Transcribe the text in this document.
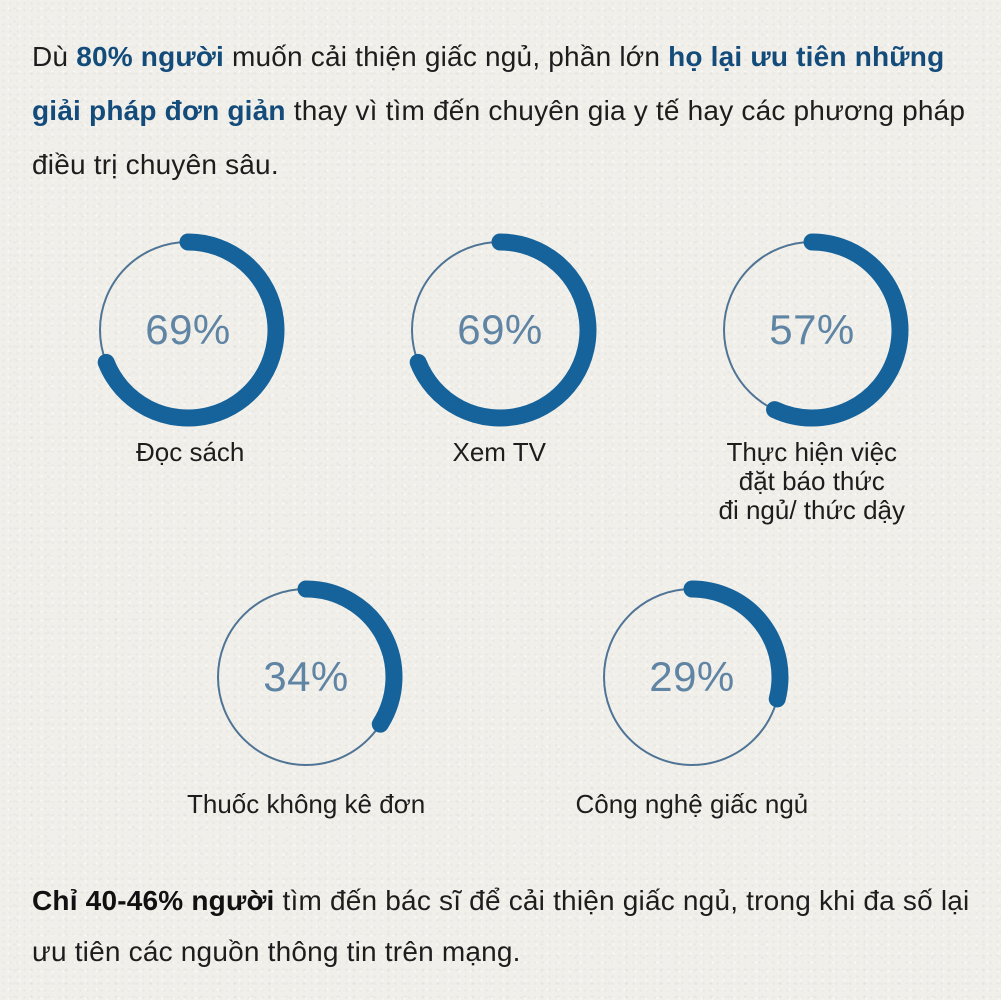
Dù 80% người muốn cải thiện giấc ngủ, phần lớn họ lại ưu tiên những giải pháp đơn giản thay vì tìm đến chuyên gia y tế hay các phương pháp điều trị chuyên sâu.

69%
Đọc sách
69%
Xem TV
57%
Thực hiện việc
đặt báo thức
đi ngủ/ thức dậy
34%
Thuốc không kê đơn
29%
Công nghệ giấc ngủ

Chỉ 40-46% người tìm đến bác sĩ để cải thiện giấc ngủ, trong khi đa số lại ưu tiên các nguồn thông tin trên mạng.
